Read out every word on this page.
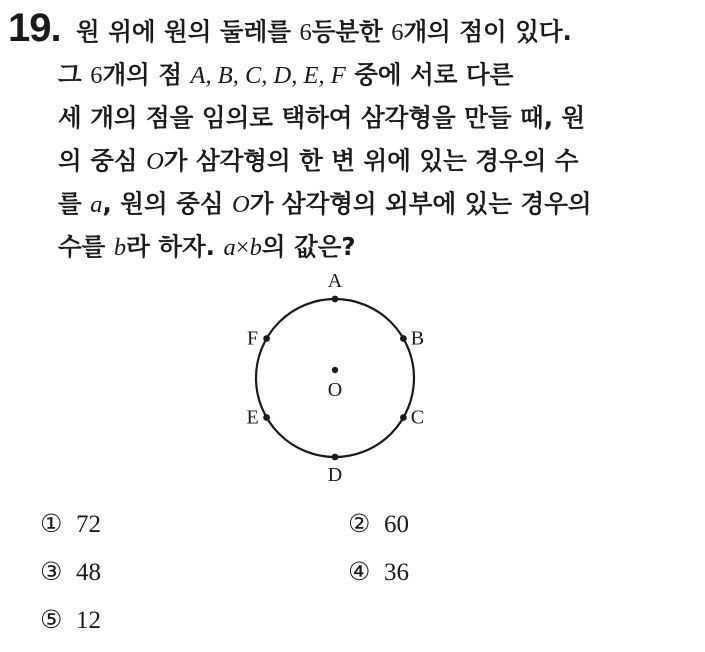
19. 원 위에 원의 둘레를 6등분한 6개의 점이 있다.
그 6개의 점 A, B, C, D, E, F 중에 서로 다른
세 개의 점을 임의로 택하여 삼각형을 만들 때, 원
의 중심 O가 삼각형의 한 변 위에 있는 경우의 수
를 a, 원의 중심 O가 삼각형의 외부에 있는 경우의
수를 b라 하자. a×b의 값은?
O
A
B
C
D
E
F
① 72	② 60
③ 48	④ 36
⑤ 12
